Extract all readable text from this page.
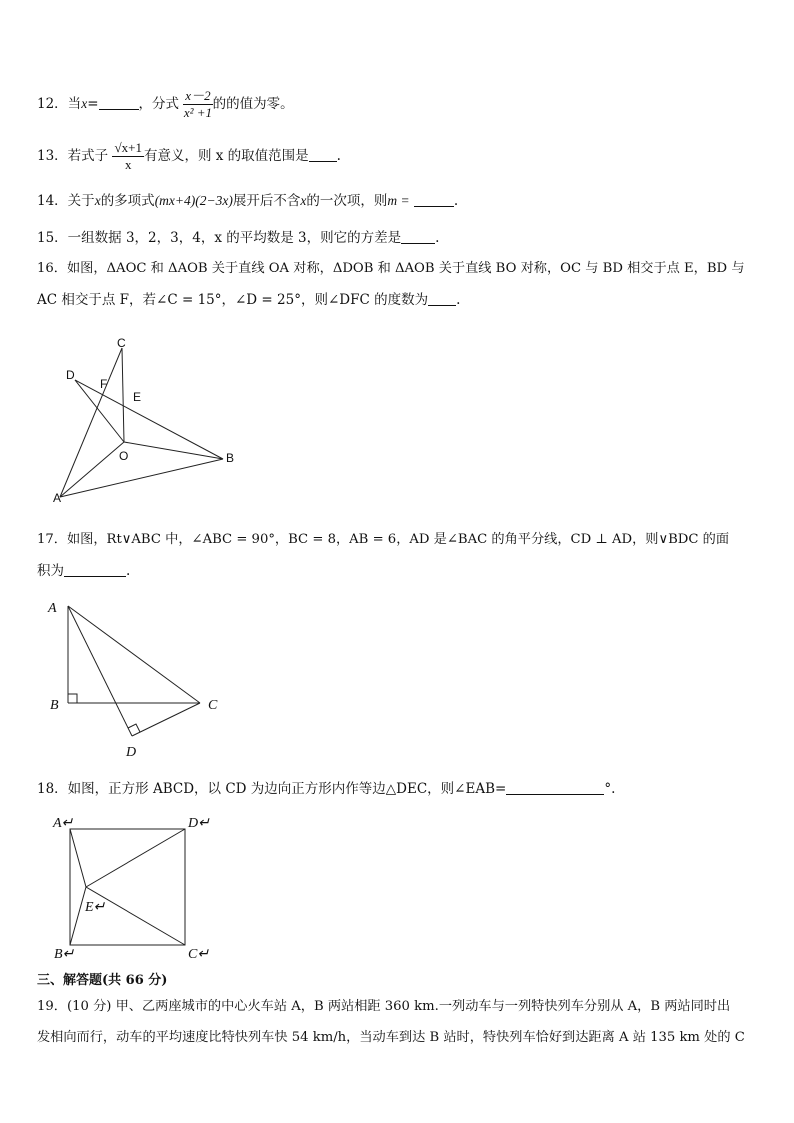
12．当x=	，分式 $\frac{x-2}{\text{x² +1}}$ 的的值为零。
13．若式子 $\frac{√x+1}{x}$ 有意义，则 x 的取值范围是 .
14．关于x的多项式(mx+4)(2−3x)展开后不含x的一次项，则m =	.
15．一组数据 3，2，3，4，x 的平均数是 3，则它的方差是	.
16．如图，ΔAOC 和 ΔAOB 关于直线 OA 对称，ΔDOB 和 ΔAOB 关于直线 BO 对称，OC 与 BD 相交于点 E，BD 与
AC 相交于点 F，若∠C = 15°，∠D = 25°，则∠DFC 的度数为 .
C
D
F
E
O	B
A
17．如图，Rt∨ABC 中，∠ABC = 90°，BC = 8，AB = 6，AD 是∠BAC 的角平分线，CD ⊥ AD，则∨BDC 的面
积为	.
A
B	C
D
18．如图，正方形 ABCD，以 CD 为边向正方形内作等边△DEC，则∠EAB=	°.
A↵	D↵
E↵
B↵	C↵
三、解答题(共 66 分)
19．(10 分) 甲、乙两座城市的中心火车站 A，B 两站相距 360 km.一列动车与一列特快列车分别从 A，B 两站同时出
发相向而行，动车的平均速度比特快列车快 54 km/h，当动车到达 B 站时，特快列车恰好到达距离 A 站 135 km 处的 C
